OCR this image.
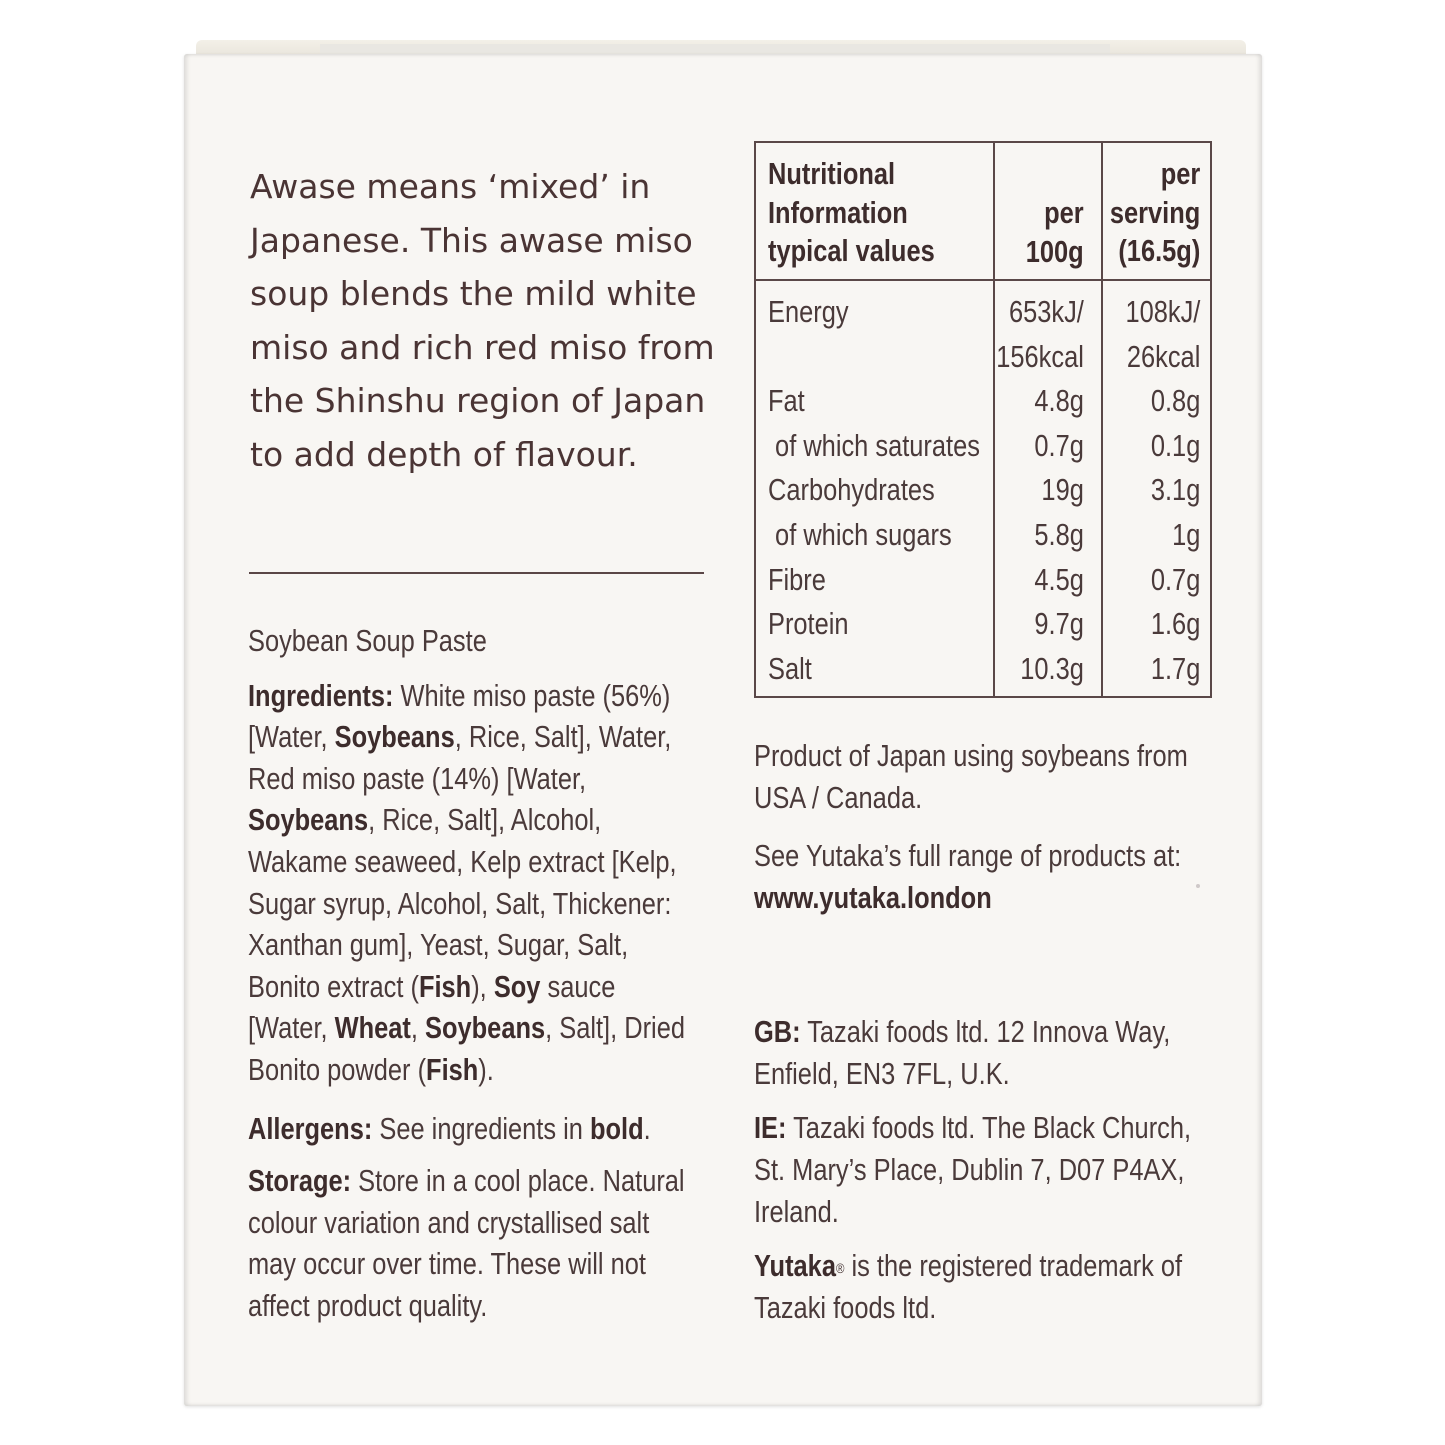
Awase means ‘mixed’ in Japanese. This awase miso soup blends the mild white miso and rich red miso from the Shinshu region of Japan to add depth of flavour.

Soybean Soup Paste

Ingredients: White miso paste (56%) [Water, Soybeans, Rice, Salt], Water, Red miso paste (14%) [Water, Soybeans, Rice, Salt], Alcohol, Wakame seaweed, Kelp extract [Kelp, Sugar syrup, Alcohol, Salt, Thickener: Xanthan gum], Yeast, Sugar, Salt, Bonito extract (Fish), Soy sauce [Water, Wheat, Soybeans, Salt], Dried Bonito powder (Fish).

Allergens: See ingredients in bold.

Storage: Store in a cool place. Natural colour variation and crystallised salt may occur over time. These will not affect product quality.

Nutritional
Information
typical values
per
100g
per
serving
(16.5g)
Energy

Fat
of which saturates
Carbohydrates
of which sugars
Fibre
Protein
Salt
653kJ/
156kcal
4.8g
0.7g
19g
5.8g
4.5g
9.7g
10.3g
108kJ/
26kcal
0.8g
0.1g
3.1g
1g
0.7g
1.6g
1.7g

Product of Japan using soybeans from USA / Canada.

See Yutaka’s full range of products at:

www.yutaka.london

GB: Tazaki foods ltd. 12 Innova Way, Enfield, EN3 7FL, U.K.

IE: Tazaki foods ltd. The Black Church, St. Mary’s Place, Dublin 7, D07 P4AX, Ireland.

Yutaka® is the registered trademark of Tazaki foods ltd.
